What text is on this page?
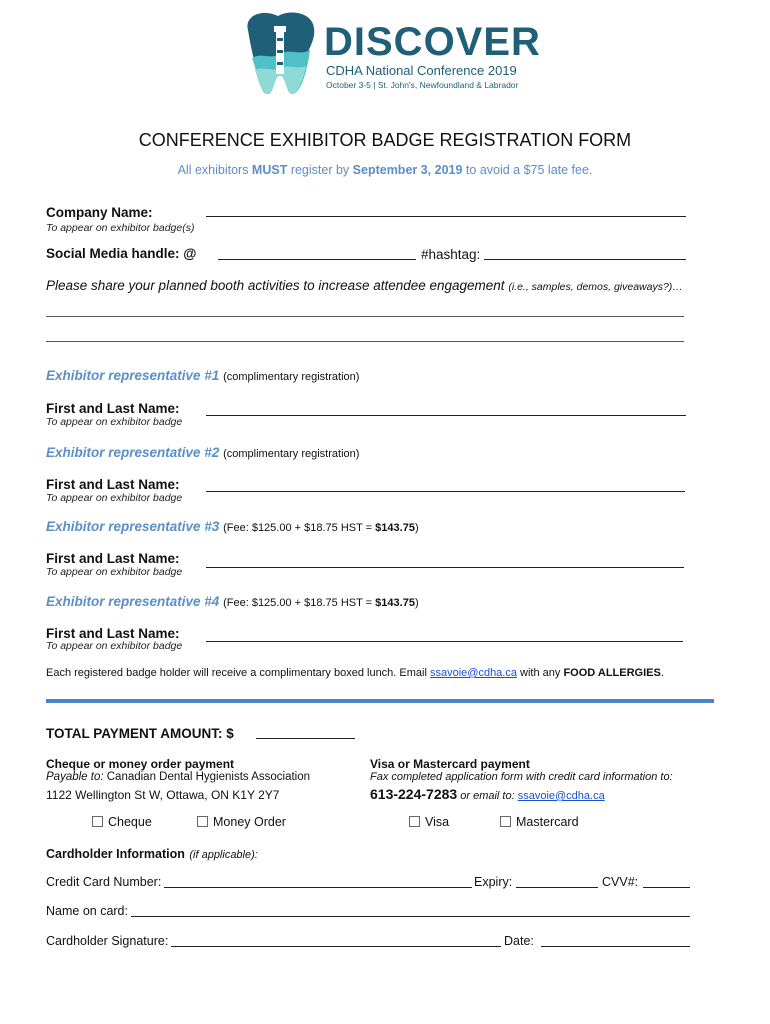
DISCOVER
CDHA National Conference 2019
October 3-5 | St. John's, Newfoundland & Labrador
CONFERENCE EXHIBITOR BADGE REGISTRATION FORM
All exhibitors MUST register by September 3, 2019 to avoid a $75 late fee.
Company Name:
To appear on exhibitor badge(s)
Social Media handle: @	#hashtag:
Please share your planned booth activities to increase attendee engagement (i.e., samples, demos, giveaways?)…
Exhibitor representative #1 (complimentary registration)
First and Last Name:
To appear on exhibitor badge
Exhibitor representative #2 (complimentary registration)
First and Last Name:
To appear on exhibitor badge
Exhibitor representative #3 (Fee: $125.00 + $18.75 HST = $143.75)
First and Last Name:
To appear on exhibitor badge
Exhibitor representative #4 (Fee: $125.00 + $18.75 HST = $143.75)
First and Last Name:
To appear on exhibitor badge
Each registered badge holder will receive a complimentary boxed lunch. Email ssavoie@cdha.ca with any FOOD ALLERGIES.
TOTAL PAYMENT AMOUNT: $
Cheque or money order payment
Payable to: Canadian Dental Hygienists Association
1122 Wellington St W, Ottawa, ON K1Y 2Y7
Visa or Mastercard payment
Fax completed application form with credit card information to:
613-224-7283 or email to: ssavoie@cdha.ca
Cheque	Money Order	Visa	Mastercard
Cardholder Information (if applicable):
Credit Card Number:	Expiry:	CVV#:
Name on card:
Cardholder Signature:	Date:
